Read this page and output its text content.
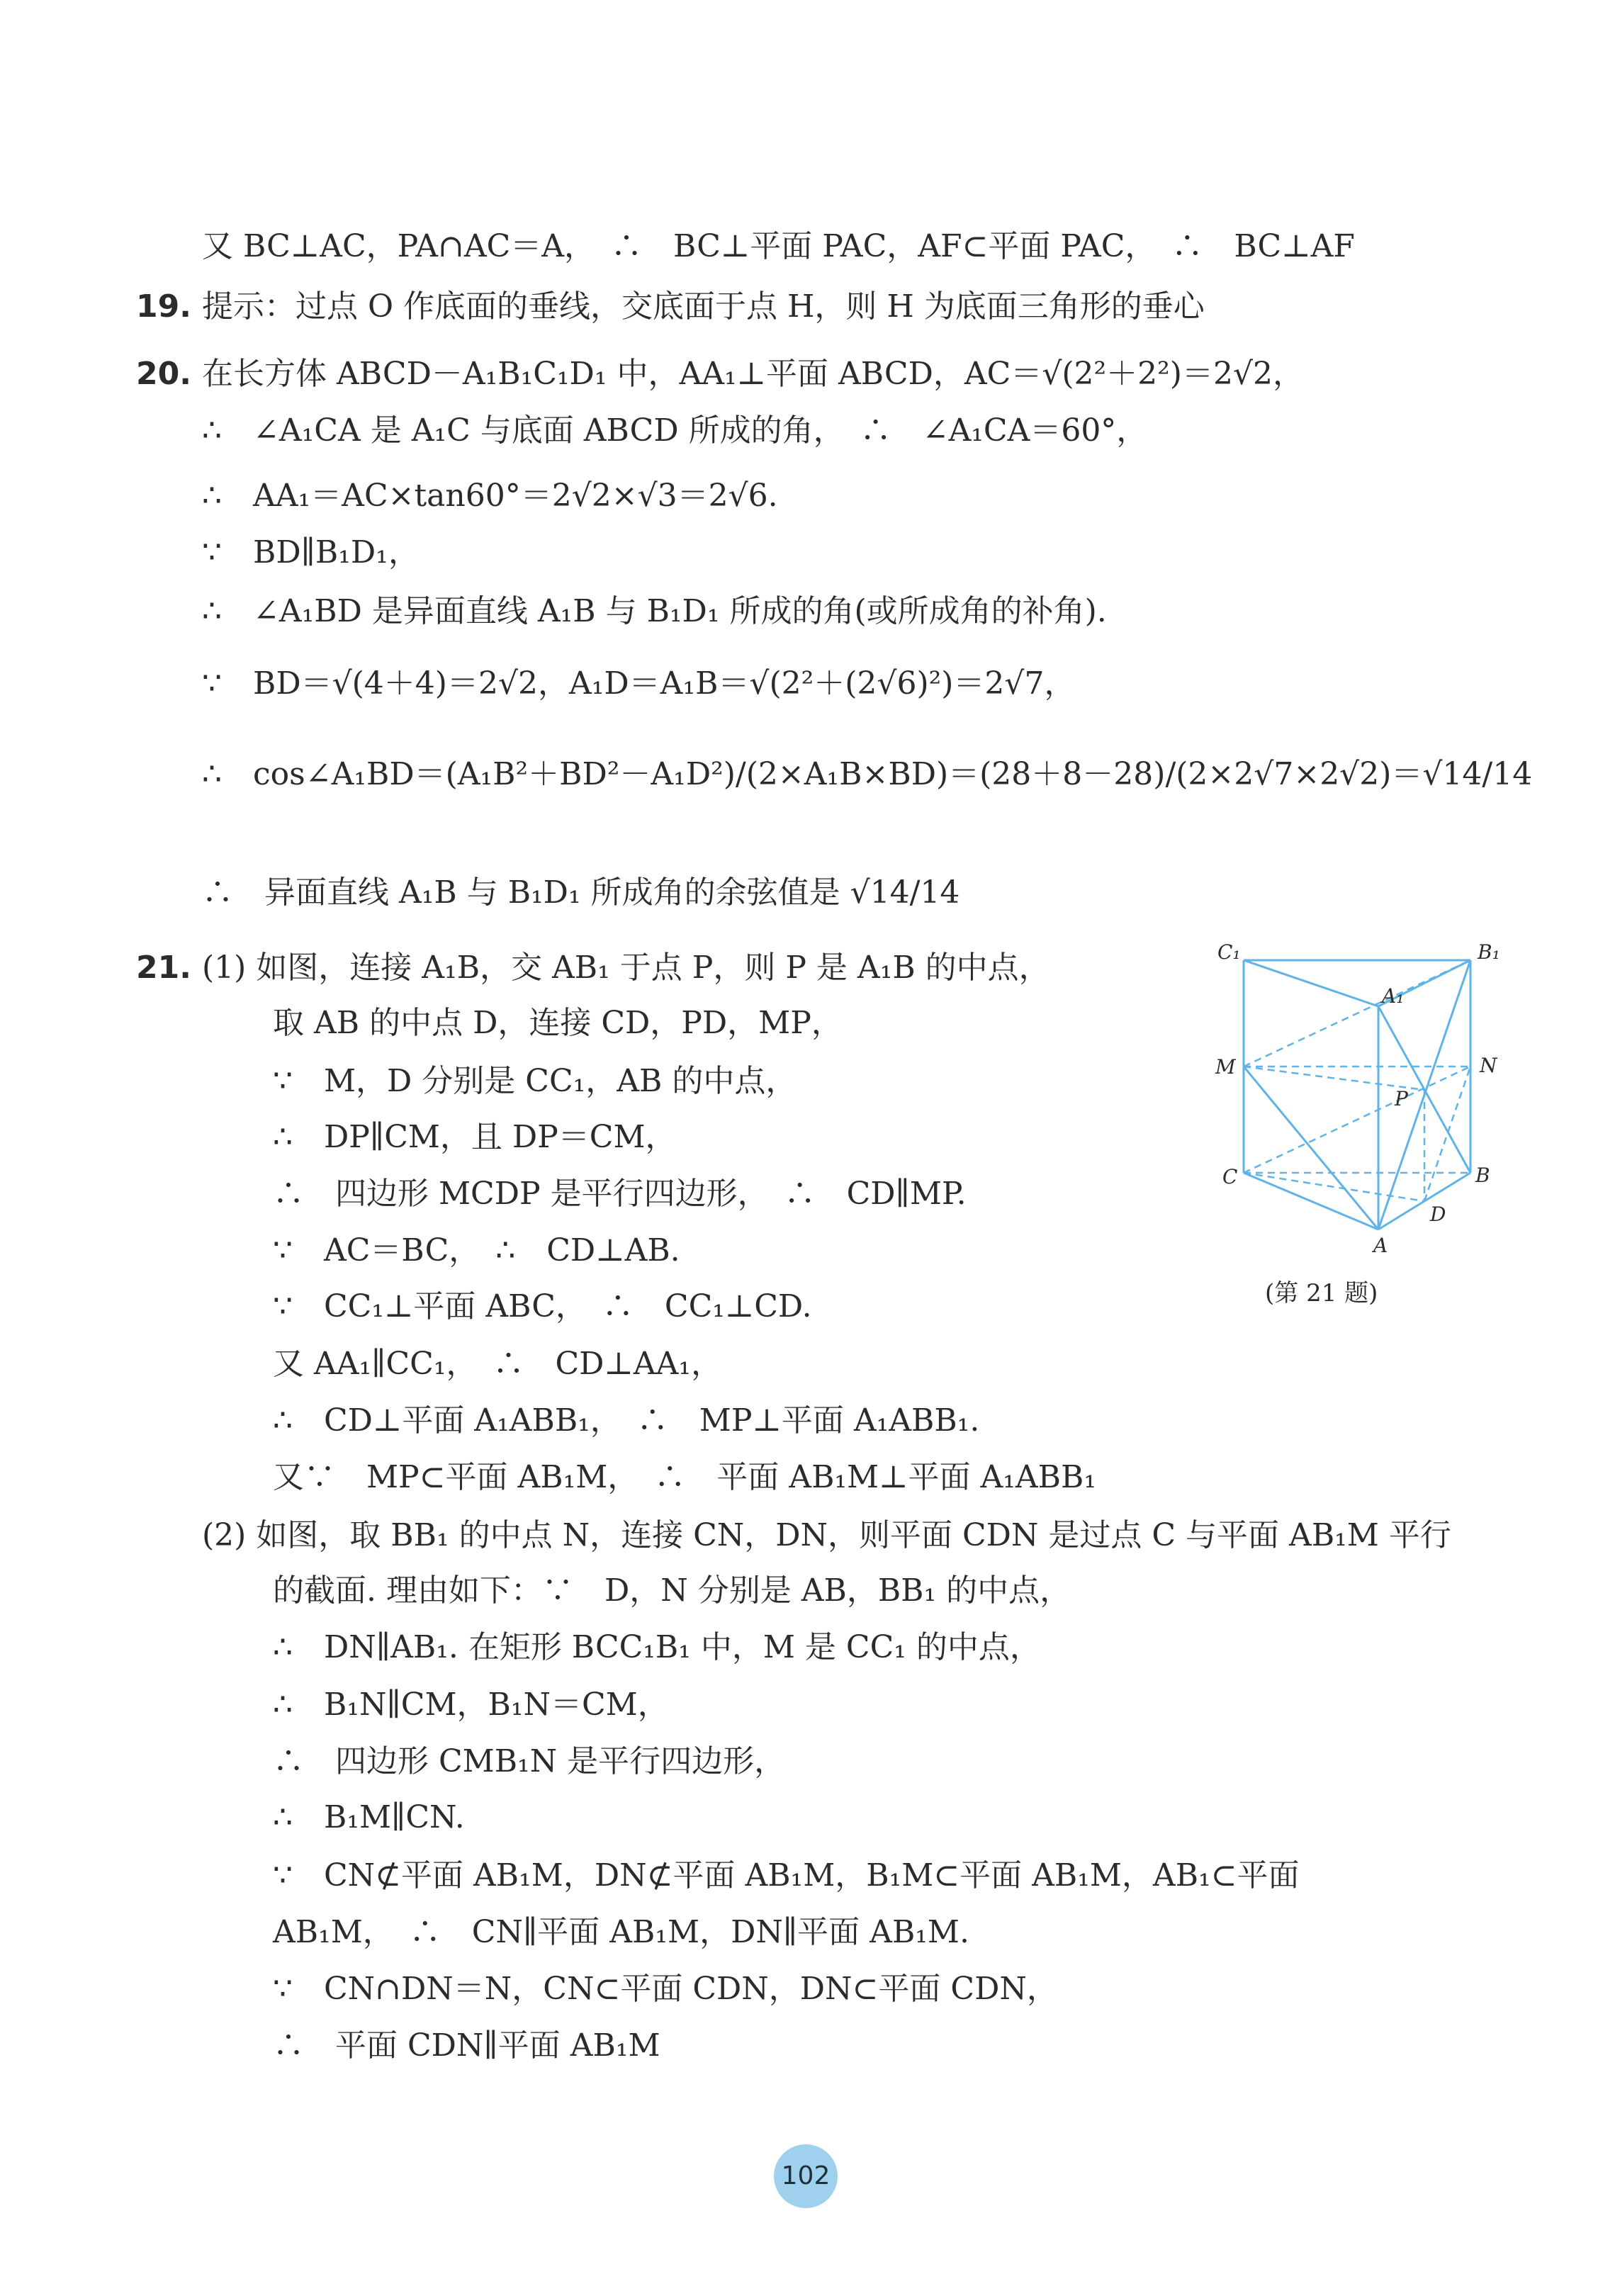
19.
20.
21.
又 BC⊥AC，PA∩AC＝A，　∴　BC⊥平面 PAC，AF⊂平面 PAC，　∴　BC⊥AF
提示：过点 O 作底面的垂线，交底面于点 H，则 H 为底面三角形的垂心
在长方体 ABCD－A₁B₁C₁D₁ 中，AA₁⊥平面 ABCD，AC＝√(2²＋2²)＝2√2，
∴　∠A₁CA 是 A₁C 与底面 ABCD 所成的角，　∴　∠A₁CA＝60°，
∴　AA₁＝AC×tan60°＝2√2×√3＝2√6.
∵　BD∥B₁D₁，
∴　∠A₁BD 是异面直线 A₁B 与 B₁D₁ 所成的角(或所成角的补角).
∵　BD＝√(4＋4)＝2√2，A₁D＝A₁B＝√(2²＋(2√6)²)＝2√7，
∴　cos∠A₁BD＝(A₁B²＋BD²－A₁D²)/(2×A₁B×BD)＝(28＋8－28)/(2×2√7×2√2)＝√14/14
∴　异面直线 A₁B 与 B₁D₁ 所成角的余弦值是 √14/14
(1) 如图，连接 A₁B，交 AB₁ 于点 P，则 P 是 A₁B 的中点，
取 AB 的中点 D，连接 CD，PD，MP，
∵　M，D 分别是 CC₁，AB 的中点，
∴　DP∥CM，且 DP＝CM，
∴　四边形 MCDP 是平行四边形，　∴　CD∥MP.
∵　AC＝BC，　∴　CD⊥AB.
∵　CC₁⊥平面 ABC，　∴　CC₁⊥CD.
又 AA₁∥CC₁，　∴　CD⊥AA₁，
∴　CD⊥平面 A₁ABB₁，　∴　MP⊥平面 A₁ABB₁.
又∵　MP⊂平面 AB₁M，　∴　平面 AB₁M⊥平面 A₁ABB₁
(2) 如图，取 BB₁ 的中点 N，连接 CN，DN，则平面 CDN 是过点 C 与平面 AB₁M 平行
的截面. 理由如下：∵　D，N 分别是 AB，BB₁ 的中点，
∴　DN∥AB₁. 在矩形 BCC₁B₁ 中，M 是 CC₁ 的中点，
∴　B₁N∥CM，B₁N＝CM，
∴　四边形 CMB₁N 是平行四边形，
∴　B₁M∥CN.
∵　CN⊄平面 AB₁M，DN⊄平面 AB₁M，B₁M⊂平面 AB₁M，AB₁⊂平面
AB₁M，　∴　CN∥平面 AB₁M，DN∥平面 AB₁M.
∵　CN∩DN＝N，CN⊂平面 CDN，DN⊂平面 CDN，
∴　平面 CDN∥平面 AB₁M
C₁	B₁
A₁
M	N
P
C	B
D
A
(第 21 题)
102
